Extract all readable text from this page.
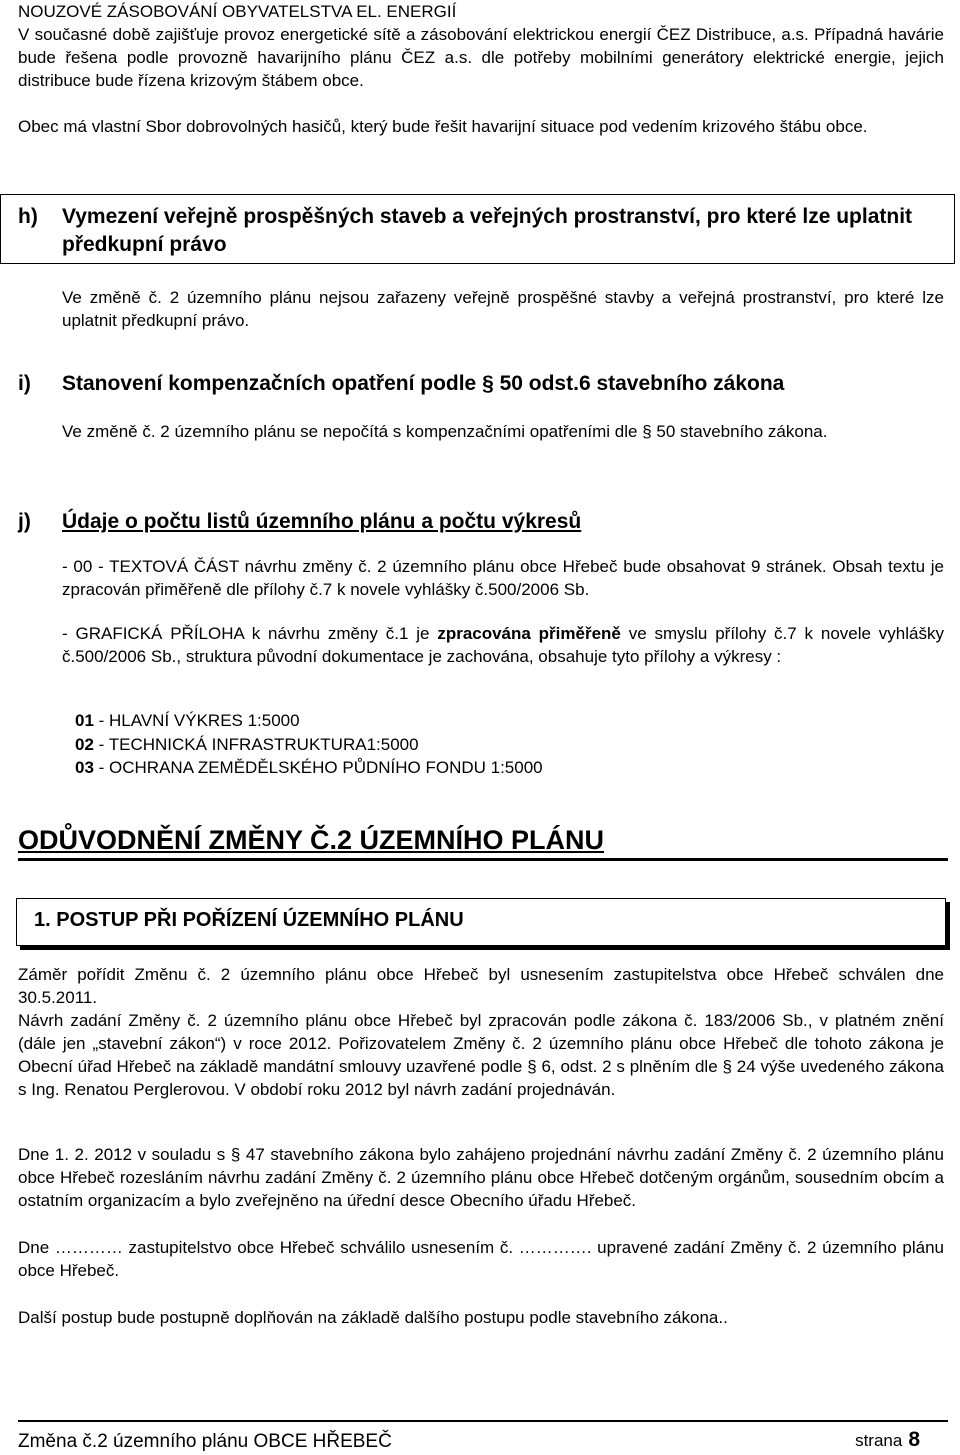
NOUZOVÉ ZÁSOBOVÁNÍ OBYVATELSTVA EL. ENERGIÍ

V současné době zajišťuje provoz energetické sítě a zásobování elektrickou energií ČEZ Distribuce, a.s. Případná havárie bude řešena podle provozně havarijního plánu ČEZ a.s. dle potřeby mobilními generátory elektrické energie, jejich distribuce bude řízena krizovým štábem obce.

Obec má vlastní Sbor dobrovolných hasičů, který bude řešit havarijní situace pod vedením krizového štábu obce.

h) Vymezení veřejně prospěšných staveb a veřejných prostranství, pro které lze uplatnit předkupní právo

Ve změně č. 2 územního plánu nejsou zařazeny veřejně prospěšné stavby a veřejná prostranství, pro které lze uplatnit předkupní právo.

i) Stanovení kompenzačních opatření podle § 50 odst.6 stavebního zákona

Ve změně č. 2 územního plánu se nepočítá s kompenzačními opatřeními dle § 50 stavebního zákona.

j) Údaje o počtu listů územního plánu a počtu výkresů

- 00 - TEXTOVÁ ČÁST návrhu změny č. 2 územního plánu obce Hřebeč bude obsahovat 9 stránek. Obsah textu je zpracován přiměřeně dle přílohy č.7 k novele vyhlášky č.500/2006 Sb.

- GRAFICKÁ PŘÍLOHA k návrhu změny č.1 je zpracována přiměřeně ve smyslu přílohy č.7 k novele vyhlášky č.500/2006 Sb., struktura původní dokumentace je zachována, obsahuje tyto přílohy a výkresy :

01 - HLAVNÍ VÝKRES 1:5000

02 - TECHNICKÁ INFRASTRUKTURA1:5000

03 - OCHRANA ZEMĚDĚLSKÉHO PŮDNÍHO FONDU 1:5000

ODŮVODNĚNÍ ZMĚNY Č.2 ÚZEMNÍHO PLÁNU

1. POSTUP PŘI POŘÍZENÍ ÚZEMNÍHO PLÁNU

Záměr pořídit Změnu č. 2 územního plánu obce Hřebeč byl usnesením zastupitelstva obce Hřebeč schválen dne 30.5.2011.

Návrh zadání Změny č. 2 územního plánu obce Hřebeč byl zpracován podle zákona č. 183/2006 Sb., v platném znění (dále jen „stavební zákon“) v roce 2012. Pořizovatelem Změny č. 2 územního plánu obce Hřebeč dle tohoto zákona je Obecní úřad Hřebeč na základě mandátní smlouvy uzavřené podle § 6, odst. 2 s plněním dle § 24 výše uvedeného zákona s Ing. Renatou Perglerovou. V období roku 2012 byl návrh zadání projednáván.

Dne 1. 2. 2012 v souladu s § 47 stavebního zákona bylo zahájeno projednání návrhu zadání Změny č. 2 územního plánu obce Hřebeč rozesláním návrhu zadání Změny č. 2 územního plánu obce Hřebeč dotčeným orgánům, sousedním obcím a ostatním organizacím a bylo zveřejněno na úřední desce Obecního úřadu Hřebeč.

Dne ………… zastupitelstvo obce Hřebeč schválilo usnesením č. …………. upravené zadání Změny č. 2 územního plánu obce Hřebeč.

Další postup bude postupně doplňován na základě dalšího postupu podle stavebního zákona..

Změna č.2 územního plánu OBCE HŘEBEČ	strana 8
